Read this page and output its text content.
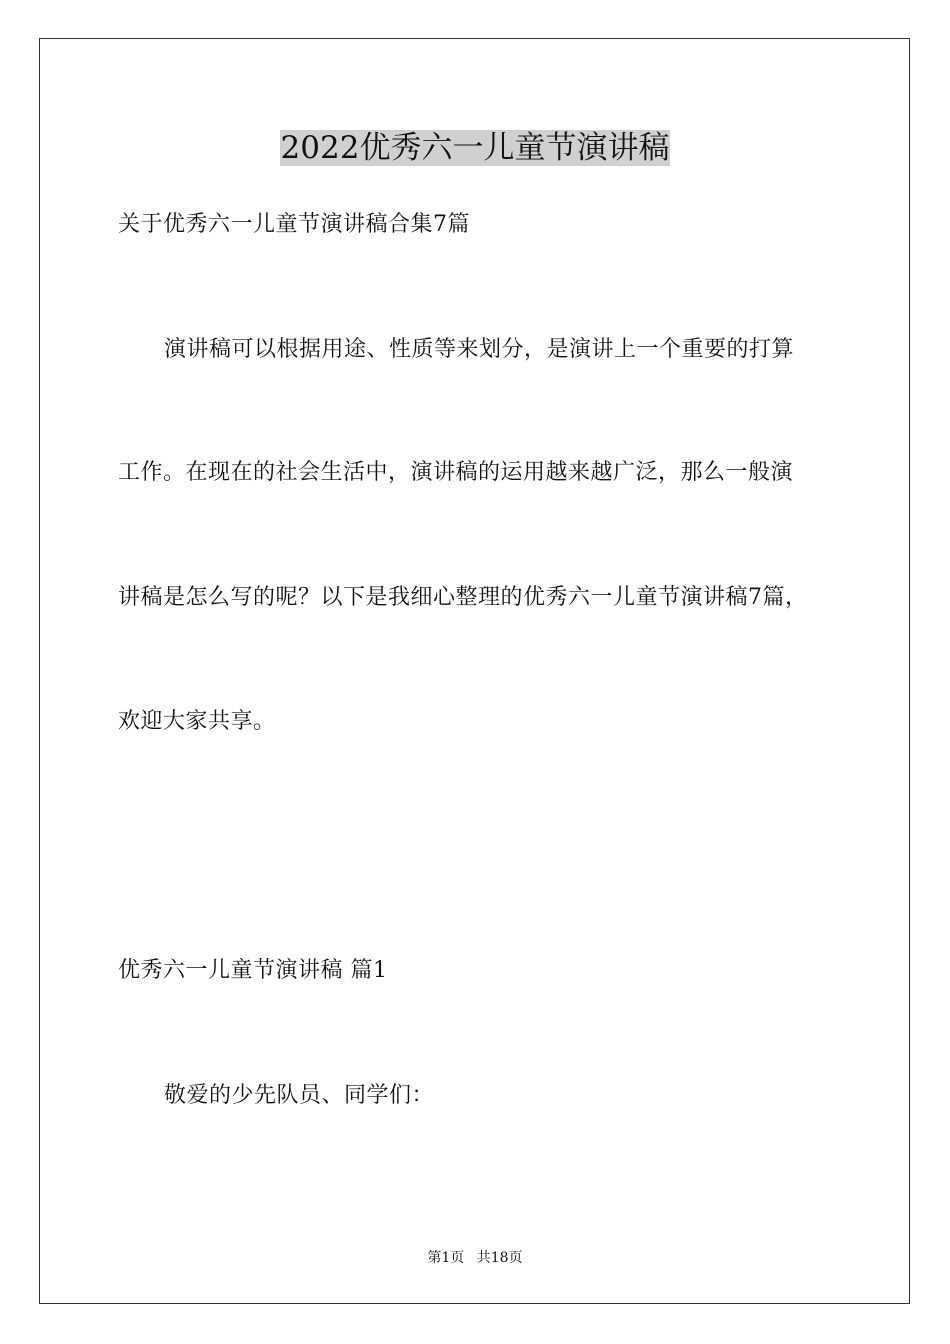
2022优秀六一儿童节演讲稿
关于优秀六一儿童节演讲稿合集7篇
演讲稿可以根据用途、性质等来划分，是演讲上一个重要的打算
工作。在现在的社会生活中，演讲稿的运用越来越广泛，那么一般演
讲稿是怎么写的呢？以下是我细心整理的优秀六一儿童节演讲稿7篇，
欢迎大家共享。
优秀六一儿童节演讲稿 篇1
敬爱的少先队员、同学们：
第1页 共18页
